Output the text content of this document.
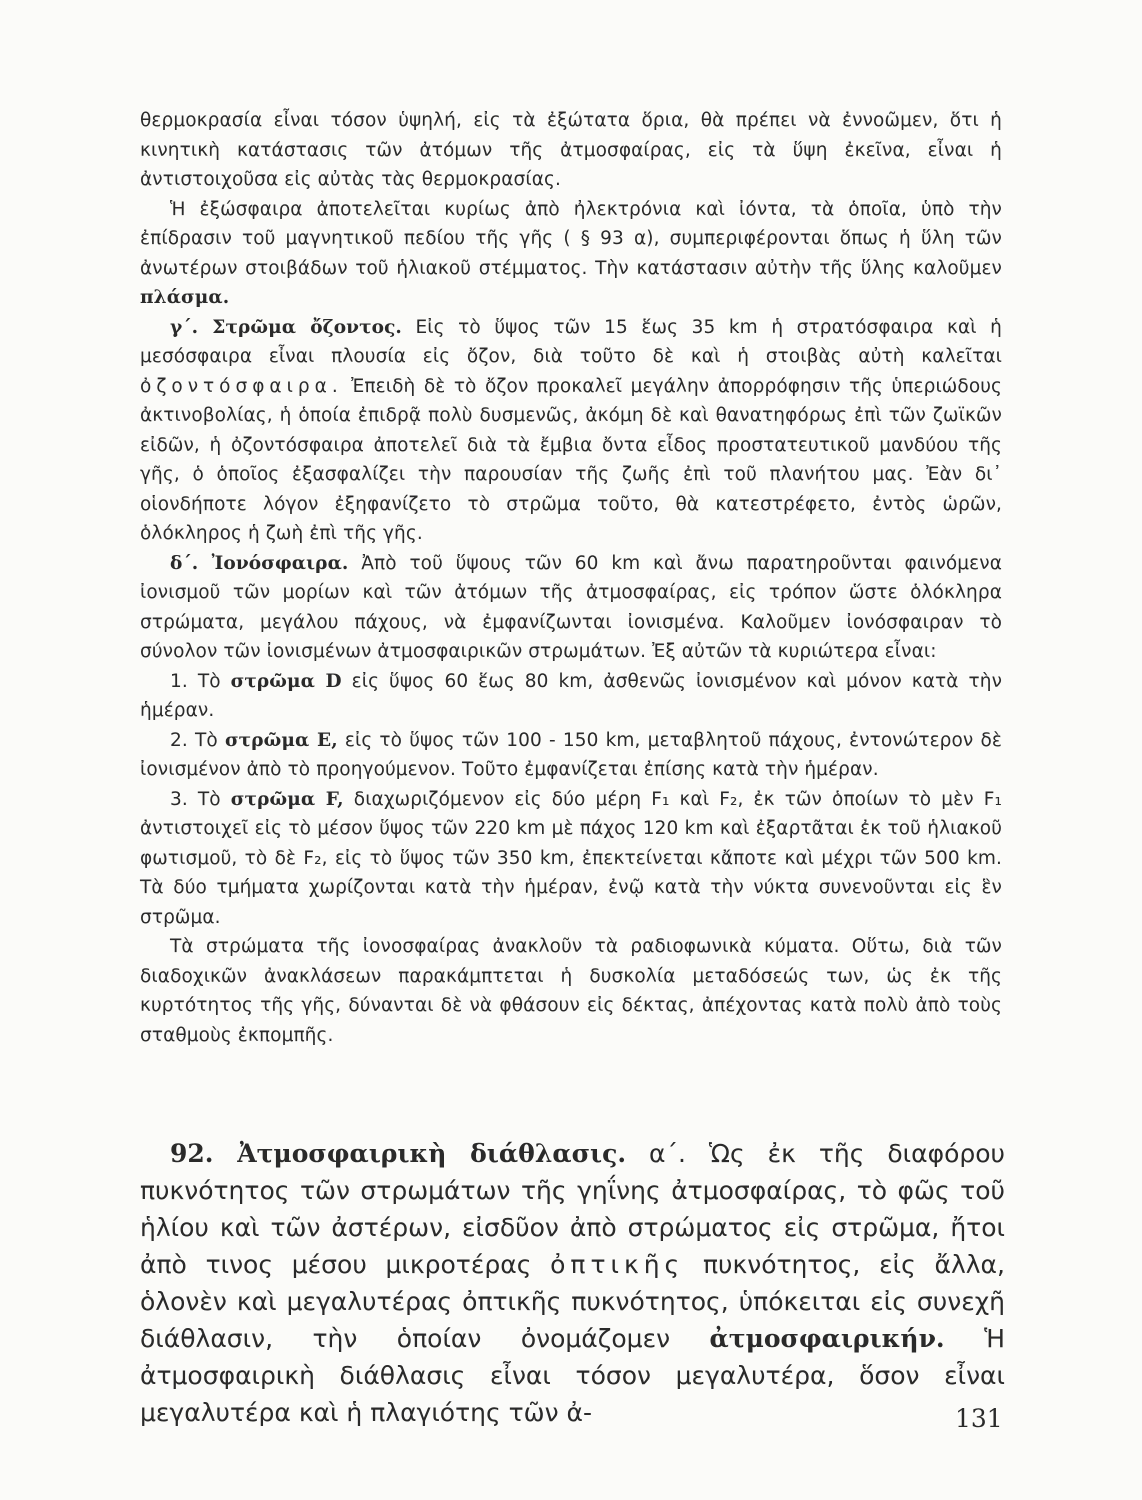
θερμοκρασία εἶναι τόσον ὑψηλή, εἰς τὰ ἐξώτατα ὅρια, θὰ πρέπει νὰ ἐννοῶμεν, ὅτι ἡ κινητικὴ κατάστασις τῶν ἀτόμων τῆς ἀτμοσφαίρας, εἰς τὰ ὕψη ἐκεῖνα, εἶναι ἡ ἀντιστοιχοῦσα εἰς αὐτὰς τὰς θερμοκρασίας.

Ἡ ἐξώσφαιρα ἀποτελεῖται κυρίως ἀπὸ ἠλεκτρόνια καὶ ἰόντα, τὰ ὁποῖα, ὑπὸ τὴν ἐπίδρασιν τοῦ μαγνητικοῦ πεδίου τῆς γῆς ( § 93 α), συμπεριφέρονται ὅπως ἡ ὕλη τῶν ἀνωτέρων στοιβάδων τοῦ ἡλιακοῦ στέμματος. Τὴν κατάστασιν αὐτὴν τῆς ὕλης καλοῦμεν πλάσμα.

γ΄. Στρῶμα ὄζοντος. Εἰς τὸ ὕψος τῶν 15 ἕως 35 km ἡ στρατόσφαιρα καὶ ἡ μεσόσφαιρα εἶναι πλουσία εἰς ὄζον, διὰ τοῦτο δὲ καὶ ἡ στοιβὰς αὐτὴ καλεῖται ὀζοντόσφαιρα. Ἐπειδὴ δὲ τὸ ὄζον προκαλεῖ μεγάλην ἀπορρόφησιν τῆς ὑπεριώδους ἀκτινοβολίας, ἡ ὁποία ἐπιδρᾷ πολὺ δυσμενῶς, ἀκόμη δὲ καὶ θανατηφόρως ἐπὶ τῶν ζωϊκῶν εἰδῶν, ἡ ὀζοντόσφαιρα ἀποτελεῖ διὰ τὰ ἔμβια ὄντα εἶδος προστατευτικοῦ μανδύου τῆς γῆς, ὁ ὁποῖος ἐξασφαλίζει τὴν παρουσίαν τῆς ζωῆς ἐπὶ τοῦ πλανήτου μας. Ἐὰν δι᾽ οἱονδήποτε λόγον ἐξηφανίζετο τὸ στρῶμα τοῦτο, θὰ κατεστρέφετο, ἐντὸς ὡρῶν, ὁλόκληρος ἡ ζωὴ ἐπὶ τῆς γῆς.

δ΄. Ἰονόσφαιρα. Ἀπὸ τοῦ ὕψους τῶν 60 km καὶ ἄνω παρατηροῦνται φαινόμενα ἰονισμοῦ τῶν μορίων καὶ τῶν ἀτόμων τῆς ἀτμοσφαίρας, εἰς τρόπον ὥστε ὁλόκληρα στρώματα, μεγάλου πάχους, νὰ ἐμφανίζωνται ἰονισμένα. Καλοῦμεν ἰονόσφαιραν τὸ σύνολον τῶν ἰονισμένων ἀτμοσφαιρικῶν στρωμάτων. Ἐξ αὐτῶν τὰ κυριώτερα εἶναι:

1. Τὸ στρῶμα D εἰς ὕψος 60 ἕως 80 km, ἀσθενῶς ἰονισμένον καὶ μόνον κατὰ τὴν ἡμέραν.

2. Τὸ στρῶμα E, εἰς τὸ ὕψος τῶν 100 - 150 km, μεταβλητοῦ πάχους, ἐντονώτερον δὲ ἰονισμένον ἀπὸ τὸ προηγούμενον. Τοῦτο ἐμφανίζεται ἐπίσης κατὰ τὴν ἡμέραν.

3. Τὸ στρῶμα F, διαχωριζόμενον εἰς δύο μέρη F₁ καὶ F₂, ἐκ τῶν ὁποίων τὸ μὲν F₁ ἀντιστοιχεῖ εἰς τὸ μέσον ὕψος τῶν 220 km μὲ πάχος 120 km καὶ ἐξαρτᾶται ἐκ τοῦ ἡλιακοῦ φωτισμοῦ, τὸ δὲ F₂, εἰς τὸ ὕψος τῶν 350 km, ἐπεκτείνεται κἄποτε καὶ μέχρι τῶν 500 km. Τὰ δύο τμήματα χωρίζονται κατὰ τὴν ἡμέραν, ἐνῷ κατὰ τὴν νύκτα συνενοῦνται εἰς ἓν στρῶμα.

Τὰ στρώματα τῆς ἰονοσφαίρας ἀνακλοῦν τὰ ραδιοφωνικὰ κύματα. Οὕτω, διὰ τῶν διαδοχικῶν ἀνακλάσεων παρακάμπτεται ἡ δυσκολία μεταδόσεώς των, ὡς ἐκ τῆς κυρτότητος τῆς γῆς, δύνανται δὲ νὰ φθάσουν εἰς δέκτας, ἀπέχοντας κατὰ πολὺ ἀπὸ τοὺς σταθμοὺς ἐκπομπῆς.

92. Ἀτμοσφαιρικὴ διάθλασις. α΄. Ὡς ἐκ τῆς διαφόρου πυκνότητος τῶν στρωμάτων τῆς γηΐνης ἀτμοσφαίρας, τὸ φῶς τοῦ ἡλίου καὶ τῶν ἀστέρων, εἰσδῦον ἀπὸ στρώματος εἰς στρῶμα, ἤτοι ἀπὸ τινος μέσου μικροτέρας ὀπτικῆς πυκνότητος, εἰς ἄλλα, ὁλονὲν καὶ μεγαλυτέρας ὀπτικῆς πυκνότητος, ὑπόκειται εἰς συνεχῆ διάθλασιν, τὴν ὁποίαν ὀνομάζομεν ἀτμοσφαιρικήν. Ἡ ἀτμοσφαιρικὴ διάθλασις εἶναι τόσον μεγαλυτέρα, ὅσον εἶναι μεγαλυτέρα καὶ ἡ πλαγιότης τῶν ἀ-	131
